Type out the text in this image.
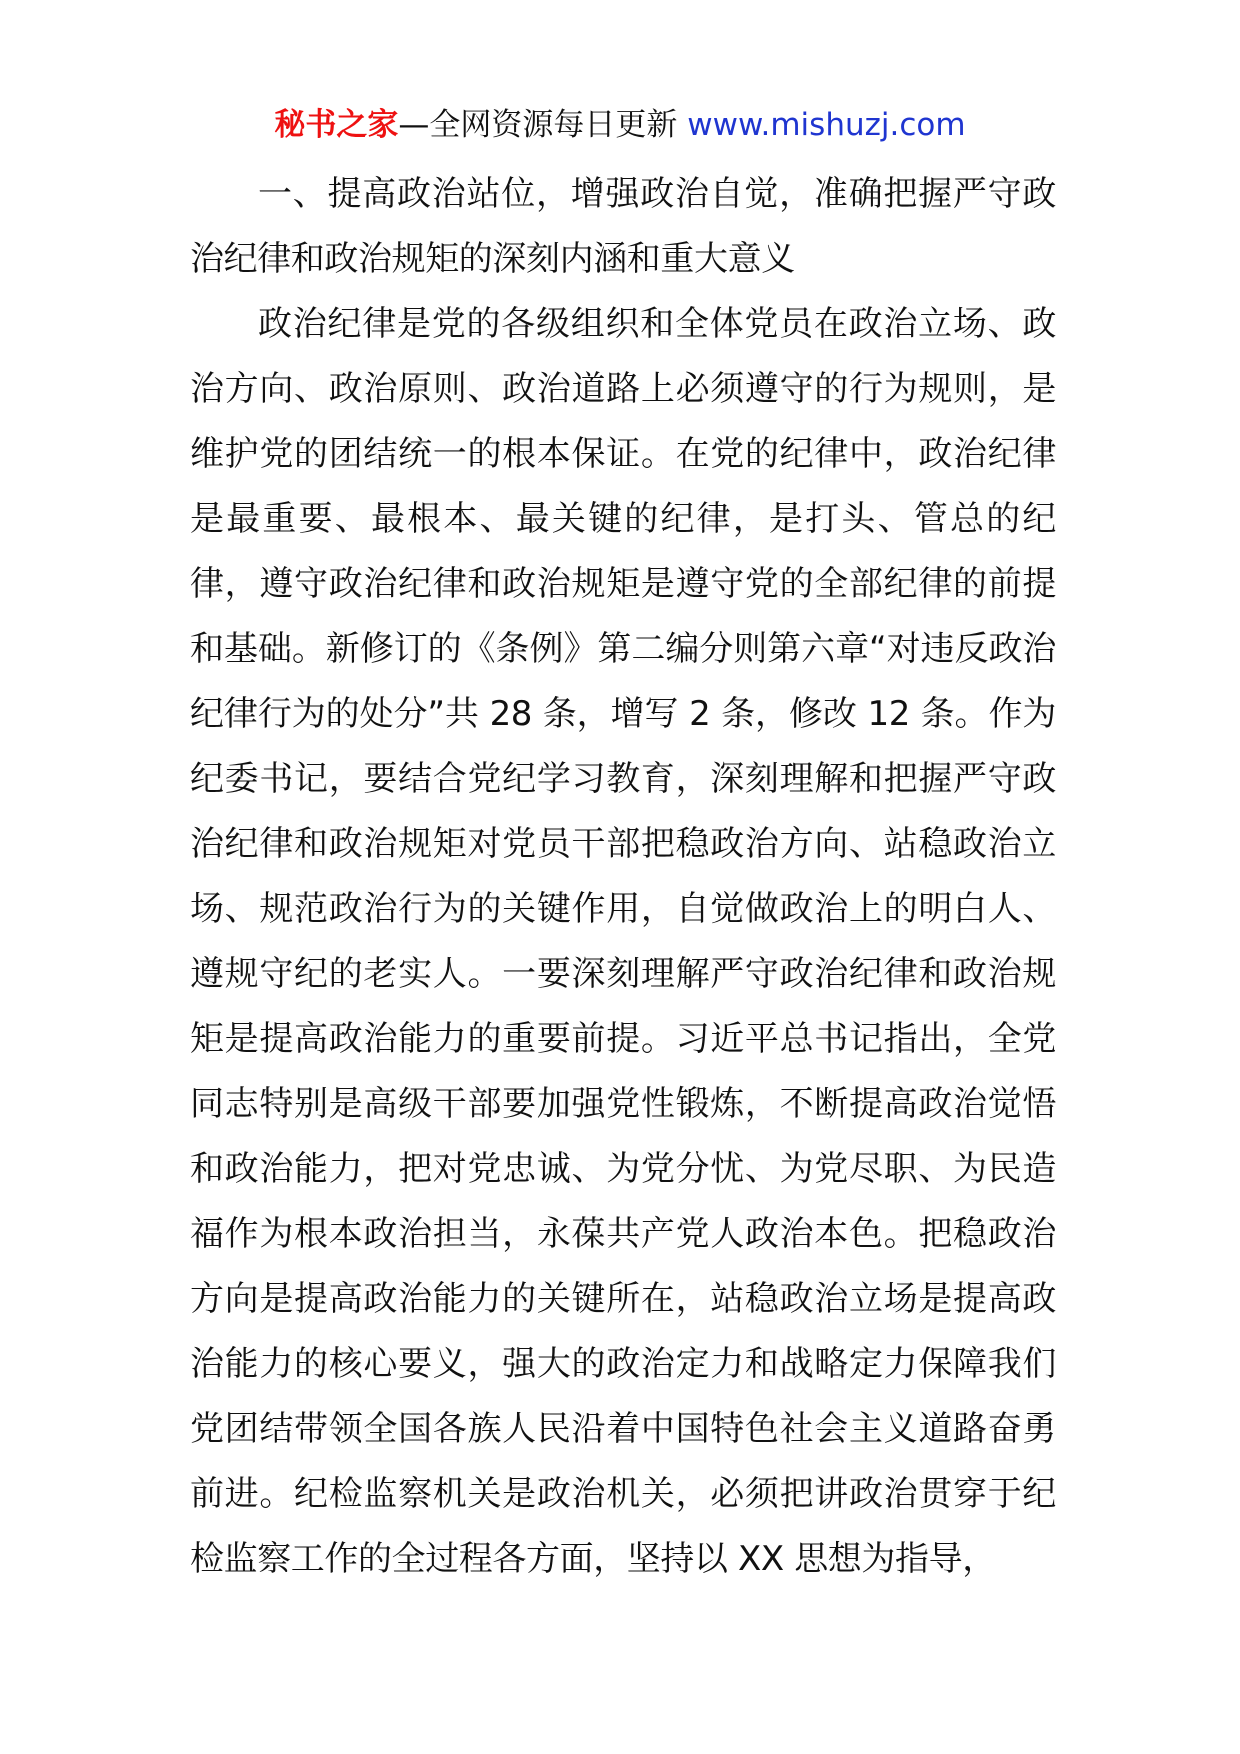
秘书之家—全网资源每日更新 www.mishuzj.com

一、提高政治站位，增强政治自觉，准确把握严守政治纪律和政治规矩的深刻内涵和重大意义

政治纪律是党的各级组织和全体党员在政治立场、政治方向、政治原则、政治道路上必须遵守的行为规则，是维护党的团结统一的根本保证。在党的纪律中，政治纪律是最重要、最根本、最关键的纪律，是打头、管总的纪律，遵守政治纪律和政治规矩是遵守党的全部纪律的前提和基础。新修订的《条例》第二编分则第六章“对违反政治纪律行为的处分”共 28 条，增写 2 条，修改 12 条。作为纪委书记，要结合党纪学习教育，深刻理解和把握严守政治纪律和政治规矩对党员干部把稳政治方向、站稳政治立场、规范政治行为的关键作用，自觉做政治上的明白人、遵规守纪的老实人。一要深刻理解严守政治纪律和政治规矩是提高政治能力的重要前提。习近平总书记指出，全党同志特别是高级干部要加强党性锻炼，不断提高政治觉悟和政治能力，把对党忠诚、为党分忧、为党尽职、为民造福作为根本政治担当，永葆共产党人政治本色。把稳政治方向是提高政治能力的关键所在，站稳政治立场是提高政治能力的核心要义，强大的政治定力和战略定力保障我们党团结带领全国各族人民沿着中国特色社会主义道路奋勇前进。纪检监察机关是政治机关，必须把讲政治贯穿于纪检监察工作的全过程各方面，坚持以 XX 思想为指导，
